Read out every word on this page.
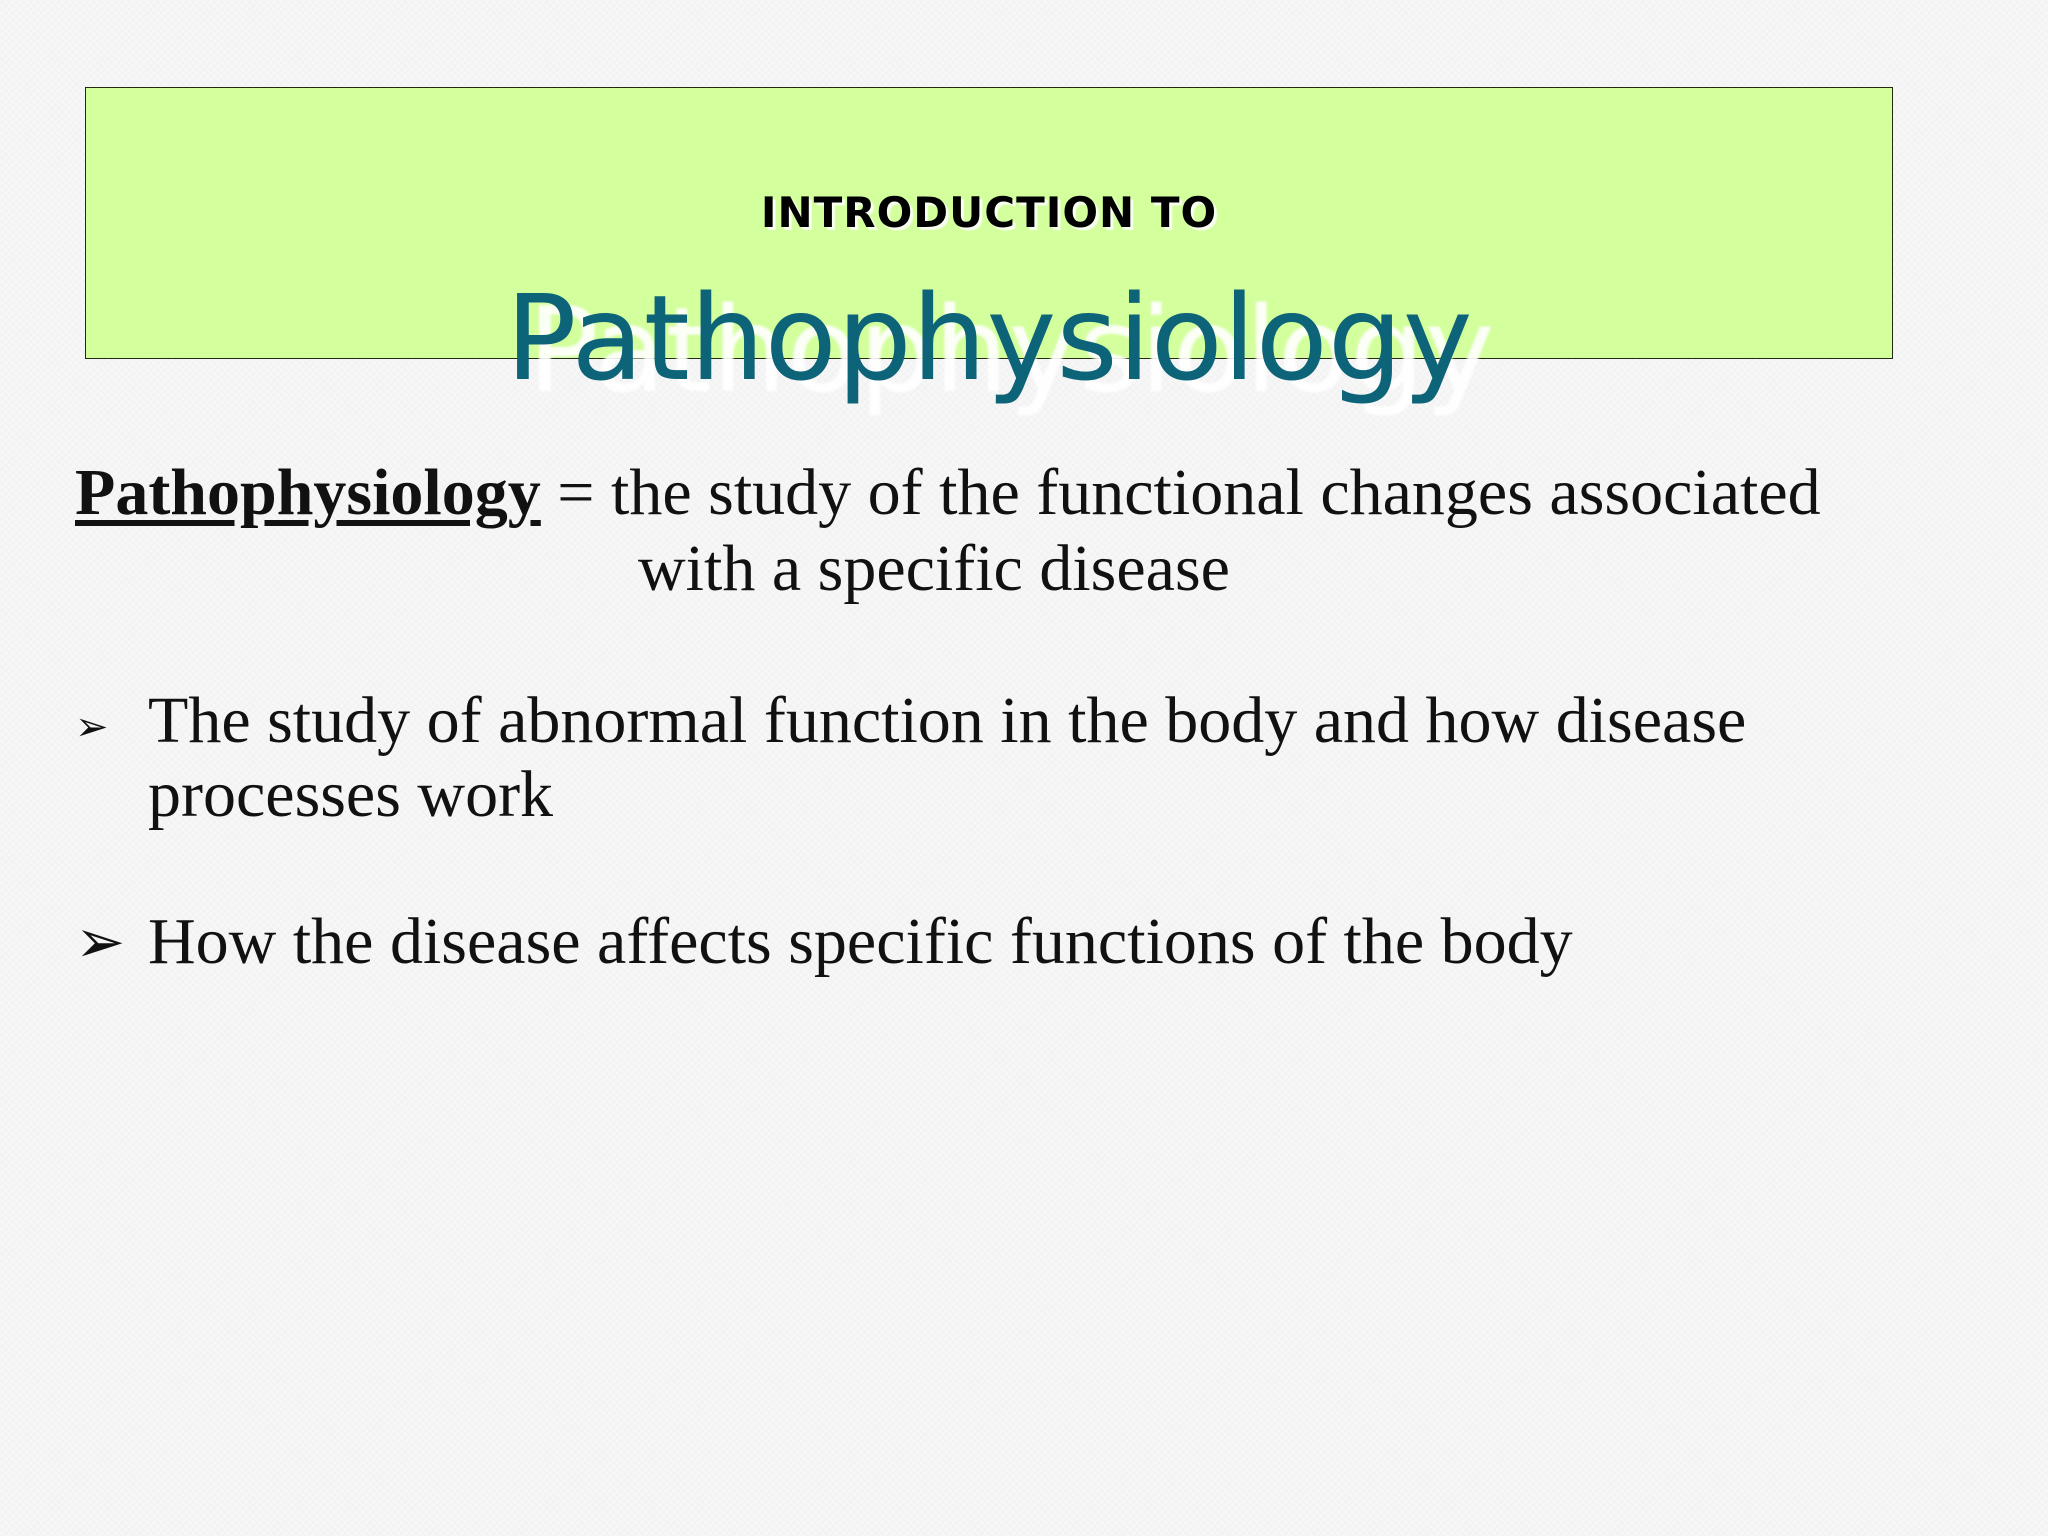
INTRODUCTION TO
Pathophysiology
Pathophysiology = the study of the functional changes associated
with a specific disease
➢ The study of abnormal function in the body and how disease processes work
➢ How the disease affects specific functions of the body
